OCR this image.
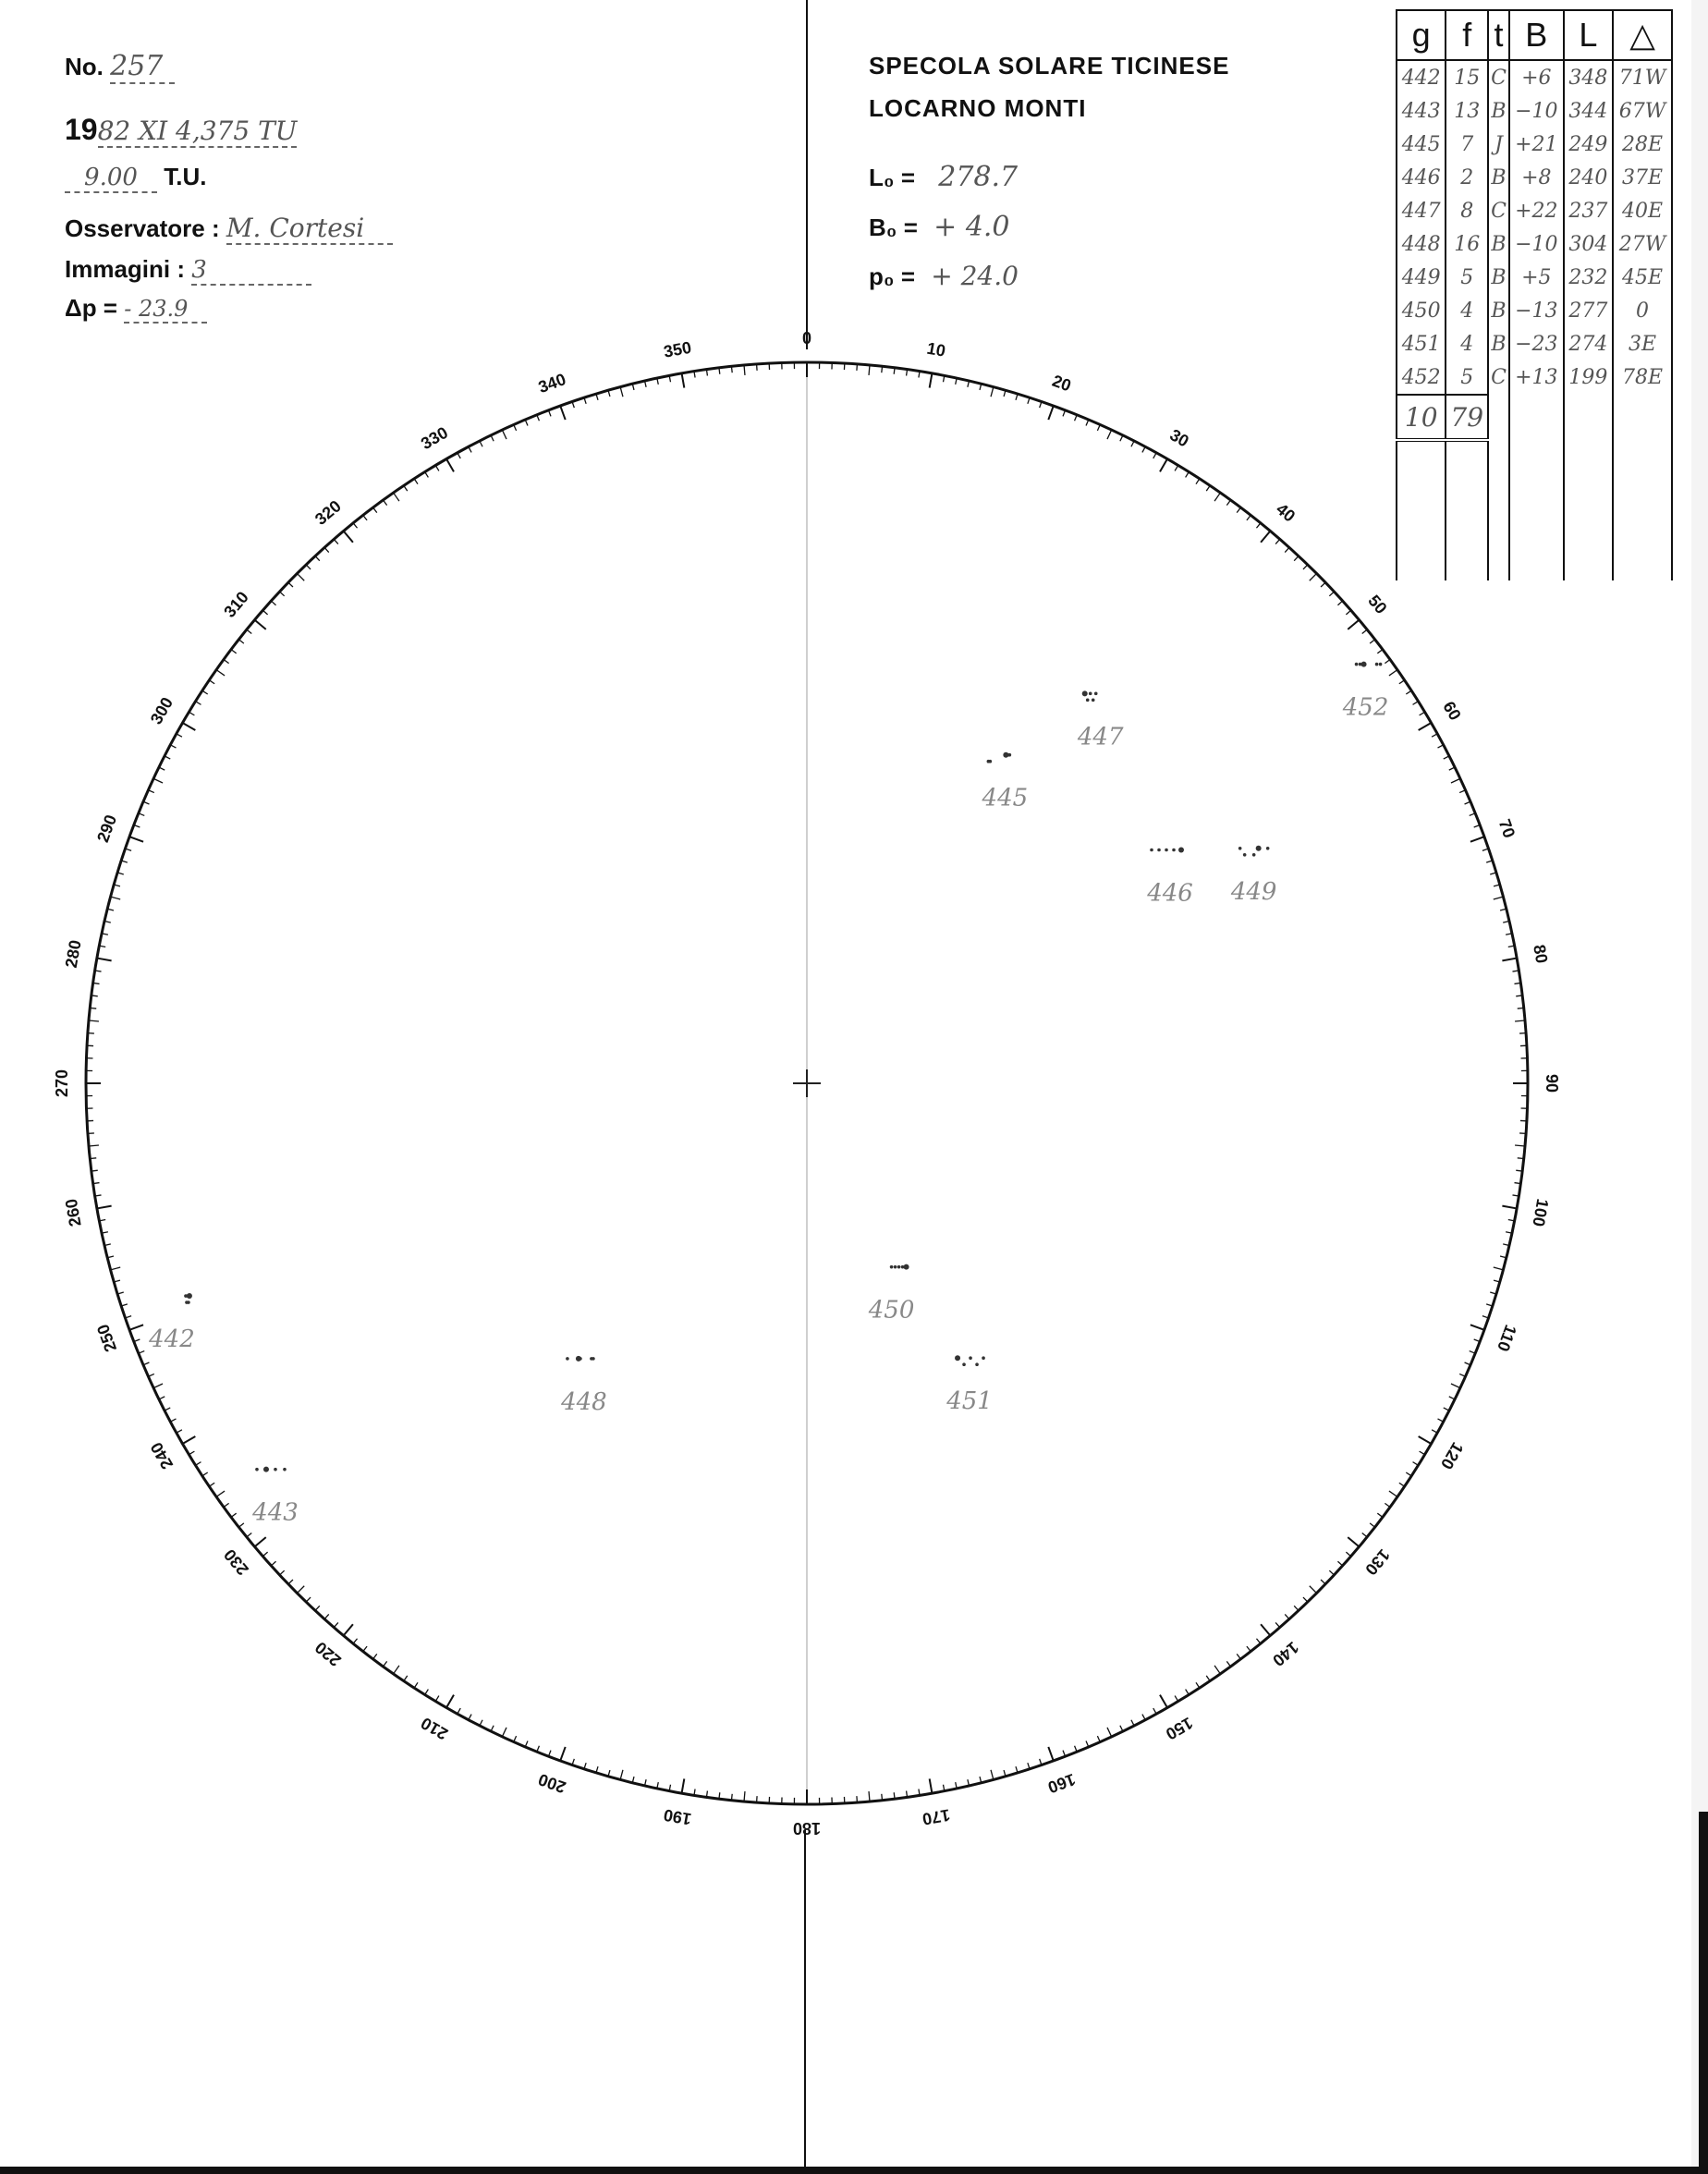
No. 257
1982 XI 4,375 TU
9.00 T.U.
Osservatore : M. Cortesi
Immagini : 3
Δp = - 23.9
SPECOLA SOLARE TICINESE
LOCARNO MONTI
L₀ = 278.7
B₀ = + 4.0
p₀ = + 24.0
g	f	t	B	L	△
442	15	C	+6	348	71W
443	13	B	−10	344	67W
445	7	J	+21	249	28E
446	2	B	+8	240	37E
447	8	C	+22	237	40E
448	16	B	−10	304	27W
449	5	B	+5	232	45E
450	4	B	−13	277	0
451	4	B	−23	274	3E
452	5	C	+13	199	78E
10	79				

0
10
20
30
40
50
60
70
80
90
100
110
120
130
140
150
160
170
180
190
200
210
220
230
240
250
260
270
280
290
300
310
320
330
340
350
442
443
445
446
447
448
449
450
451
452
